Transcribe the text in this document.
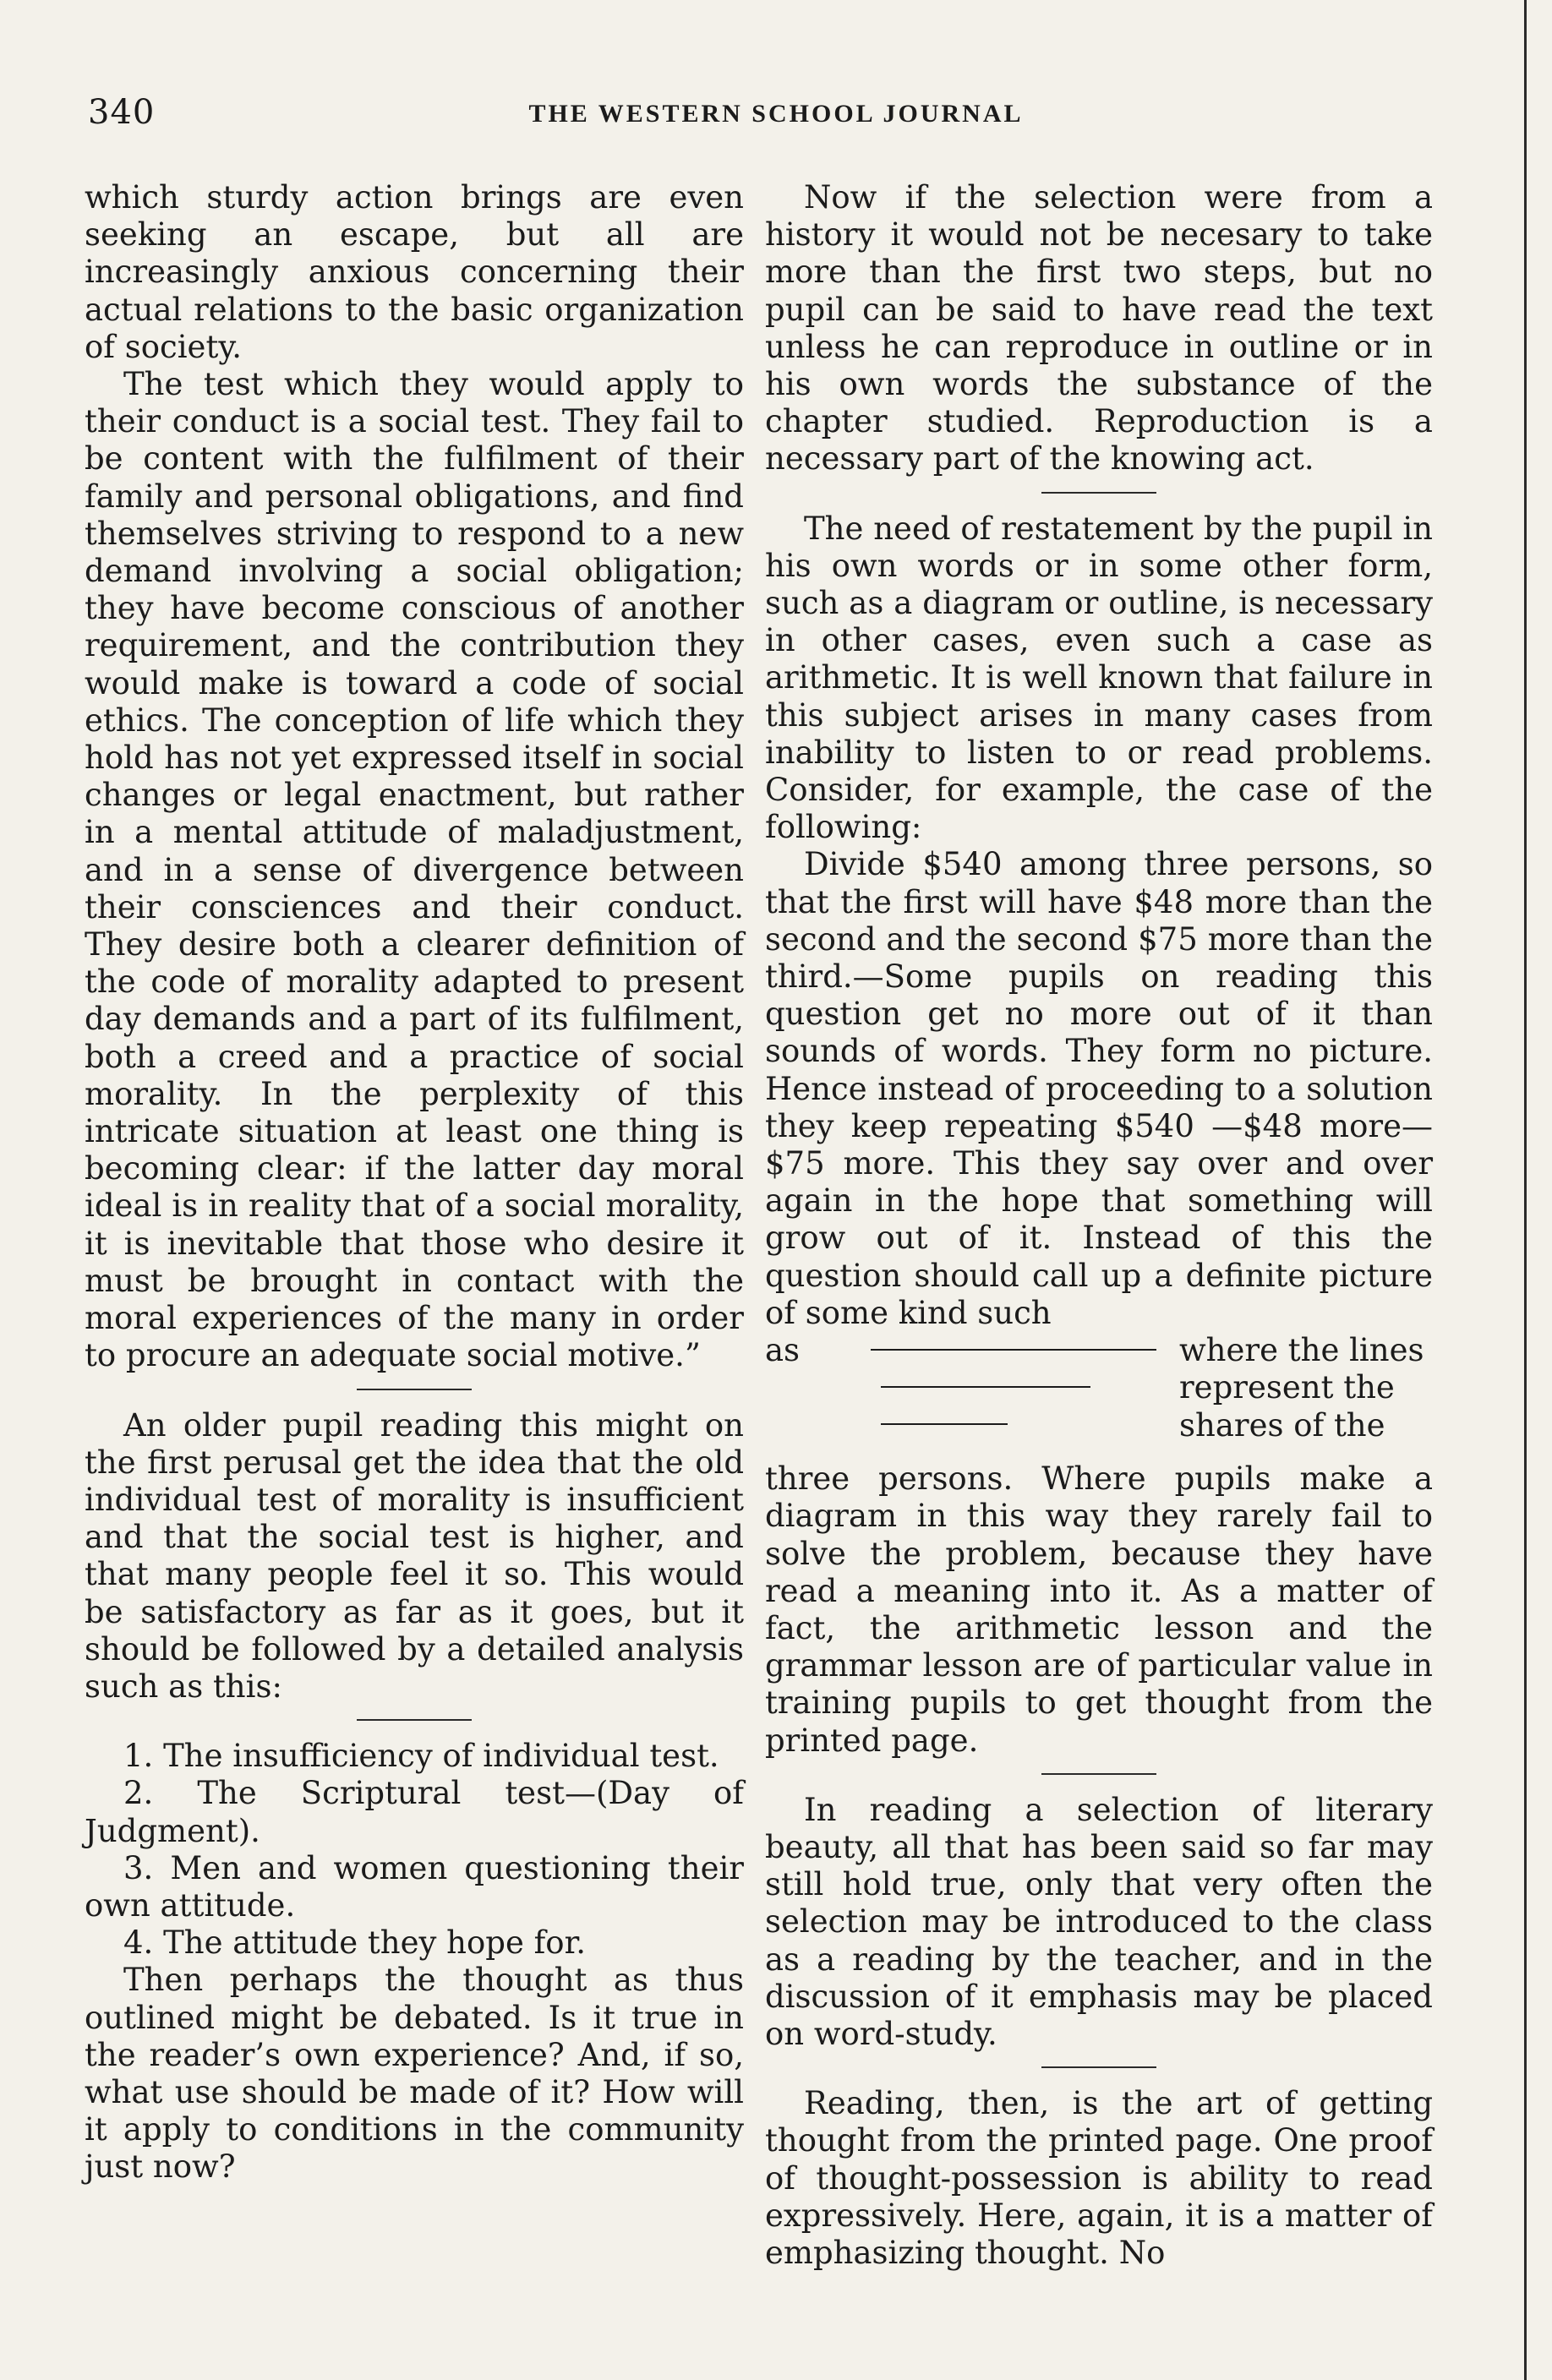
340	THE WESTERN SCHOOL JOURNAL

which sturdy action brings are even seeking an escape, but all are increasingly anxious concerning their actual relations to the basic organization of society.

The test which they would apply to their conduct is a social test. They fail to be content with the fulfilment of their family and personal obligations, and find themselves striving to respond to a new demand involving a social obligation; they have become conscious of another requirement, and the contribution they would make is toward a code of social ethics. The conception of life which they hold has not yet expressed itself in social changes or legal enactment, but rather in a mental attitude of maladjustment, and in a sense of divergence between their consciences and their conduct. They desire both a clearer definition of the code of morality adapted to present day demands and a part of its fulfilment, both a creed and a practice of social morality. In the perplexity of this intricate situation at least one thing is becoming clear: if the latter day moral ideal is in reality that of a social morality, it is inevitable that those who desire it must be brought in contact with the moral experiences of the many in order to procure an adequate social motive.”

An older pupil reading this might on the first perusal get the idea that the old individual test of morality is insufficient and that the social test is higher, and that many people feel it so. This would be satisfactory as far as it goes, but it should be followed by a detailed analysis such as this:

1. The insufficiency of individual test.

2. The Scriptural test—(Day of Judgment).

3. Men and women questioning their own attitude.

4. The attitude they hope for.

Then perhaps the thought as thus outlined might be debated. Is it true in the reader’s own experience? And, if so, what use should be made of it? How will it apply to conditions in the community just now?

Now if the selection were from a history it would not be necesary to take more than the first two steps, but no pupil can be said to have read the text unless he can reproduce in outline or in his own words the substance of the chapter studied. Reproduction is a necessary part of the knowing act.

The need of restatement by the pupil in his own words or in some other form, such as a diagram or outline, is necessary in other cases, even such a case as arithmetic. It is well known that failure in this subject arises in many cases from inability to listen to or read problems. Consider, for example, the case of the following:

Divide $540 among three persons, so that the first will have $48 more than the second and the second $75 more than the third.—Some pupils on reading this question get no more out of it than sounds of words. They form no picture. Hence instead of proceeding to a solution they keep repeating $540 —$48 more—$75 more. This they say over and over again in the hope that something will grow out of it. Instead of this the question should call up a definite picture of some kind such

as	where the lines represent the shares of the

three persons. Where pupils make a diagram in this way they rarely fail to solve the problem, because they have read a meaning into it. As a matter of fact, the arithmetic lesson and the grammar lesson are of particular value in training pupils to get thought from the printed page.

In reading a selection of literary beauty, all that has been said so far may still hold true, only that very often the selection may be introduced to the class as a reading by the teacher, and in the discussion of it emphasis may be placed on word-study.

Reading, then, is the art of getting thought from the printed page. One proof of thought-possession is ability to read expressively. Here, again, it is a matter of emphasizing thought. No
